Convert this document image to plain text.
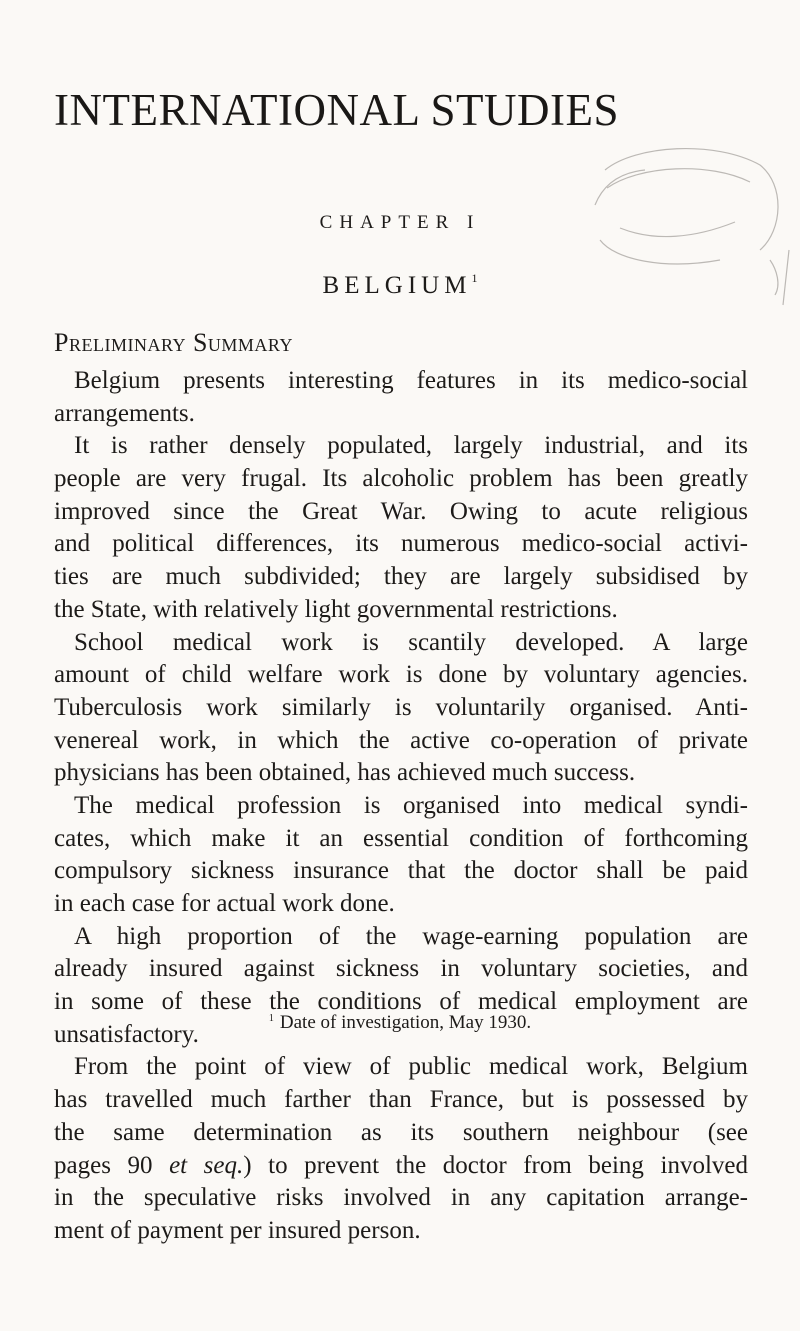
INTERNATIONAL STUDIES
CHAPTER I
BELGIUM$^1$
Preliminary Summary
Belgium presents interesting features in its medico-social
arrangements.
It is rather densely populated, largely industrial, and its
people are very frugal. Its alcoholic problem has been greatly
improved since the Great War. Owing to acute religious
and political differences, its numerous medico-social activi-
ties are much subdivided; they are largely subsidised by
the State, with relatively light governmental restrictions.
School medical work is scantily developed. A large
amount of child welfare work is done by voluntary agencies.
Tuberculosis work similarly is voluntarily organised. Anti-
venereal work, in which the active co-operation of private
physicians has been obtained, has achieved much success.
The medical profession is organised into medical syndi-
cates, which make it an essential condition of forthcoming
compulsory sickness insurance that the doctor shall be paid
in each case for actual work done.
A high proportion of the wage-earning population are
already insured against sickness in voluntary societies, and
in some of these the conditions of medical employment are
unsatisfactory.
From the point of view of public medical work, Belgium
has travelled much farther than France, but is possessed by
the same determination as its southern neighbour (see
pages 90 et seq.) to prevent the doctor from being involved
in the speculative risks involved in any capitation arrange-
ment of payment per insured person.
$^1$ Date of investigation, May 1930.
